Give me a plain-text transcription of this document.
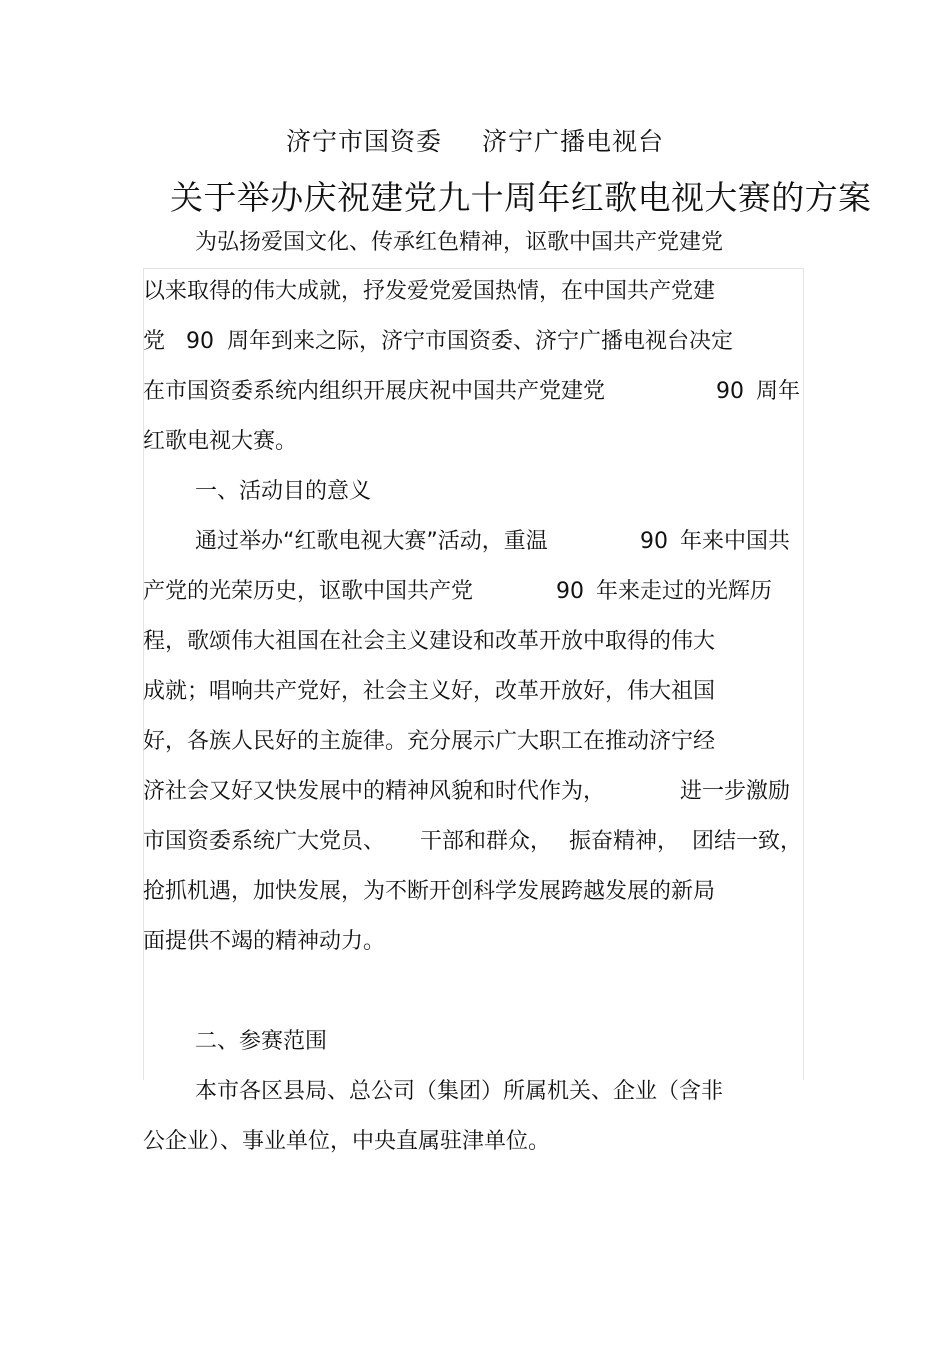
济宁市国资委 济宁广播电视台
关于举办庆祝建党九十周年红歌电视大赛的方案
为弘扬爱国文化、传承红色精神，讴歌中国共产党建党
以来取得的伟大成就，抒发爱党爱国热情，在中国共产党建
党 90 周年到来之际，济宁市国资委、济宁广播电视台决定
在市国资委系统内组织开展庆祝中国共产党建党	90 周年
红歌电视大赛。
一、活动目的意义
通过举办“红歌电视大赛”活动，重温	90 年来中国共
产党的光荣历史，讴歌中国共产党	90 年来走过的光辉历
程，歌颂伟大祖国在社会主义建设和改革开放中取得的伟大
成就；唱响共产党好，社会主义好，改革开放好，伟大祖国
好，各族人民好的主旋律。充分展示广大职工在推动济宁经
济社会又好又快发展中的精神风貌和时代作为，	进一步激励
市国资委系统广大党员、 干部和群众， 振奋精神， 团结一致，
抢抓机遇，加快发展，为不断开创科学发展跨越发展的新局
面提供不竭的精神动力。
二、参赛范围
本市各区县局、总公司（集团）所属机关、企业（含非
公企业）、事业单位，中央直属驻津单位。
